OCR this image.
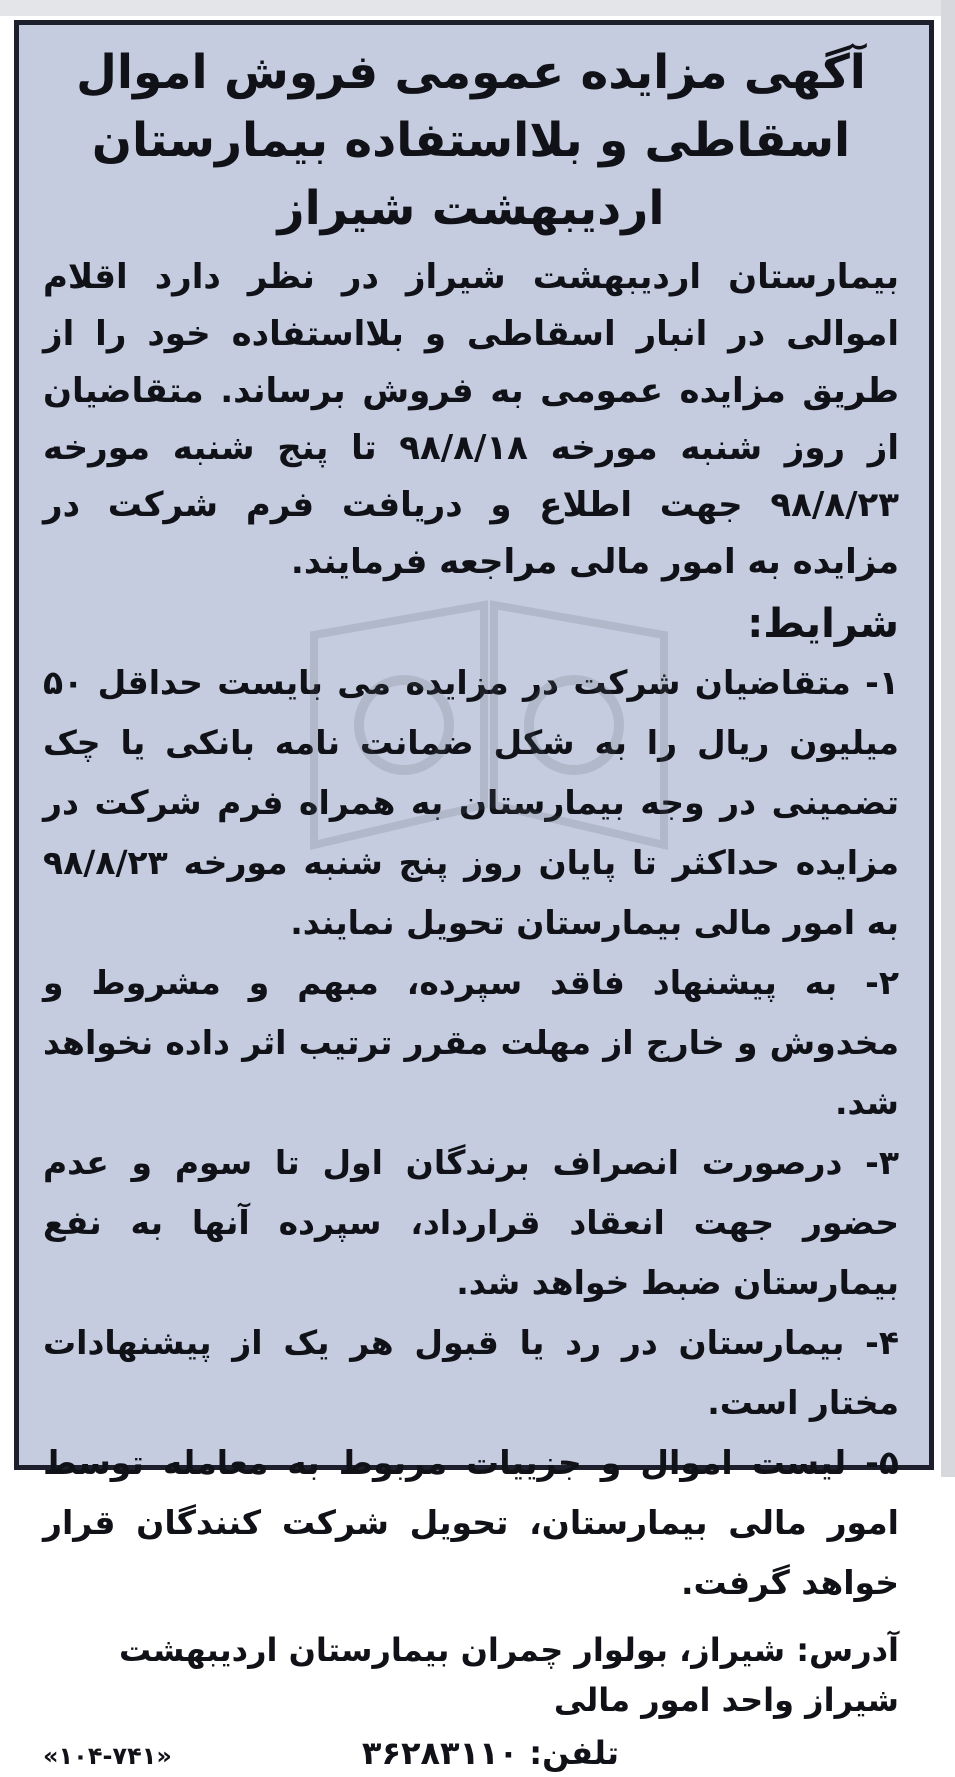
آگهی مزایده عمومی فروش اموال اسقاطی و بلااستفاده بیمارستان اردیبهشت شیراز

بیمارستان اردیبهشت شیراز در نظر دارد اقلام اموالی در انبار اسقاطی و بلااستفاده خود را از طریق مزایده عمومی به فروش برساند. متقاضیان از روز شنبه مورخه ۹۸/۸/۱۸ تا پنج شنبه مورخه ۹۸/۸/۲۳ جهت اطلاع و دریافت فرم شرکت در مزایده به امور مالی مراجعه فرمایند.

شرایط:
۱- متقاضیان شرکت در مزایده می بایست حداقل ۵۰ میلیون ریال را به شکل ضمانت نامه بانکی یا چک تضمینی در وجه بیمارستان به همراه فرم شرکت در مزایده حداکثر تا پایان روز پنج شنبه مورخه ۹۸/۸/۲۳ به امور مالی بیمارستان تحویل نمایند.
۲- به پیشنهاد فاقد سپرده، مبهم و مشروط و مخدوش و خارج از مهلت مقرر ترتیب اثر داده نخواهد شد.
۳- درصورت انصراف برندگان اول تا سوم و عدم حضور جهت انعقاد قرارداد، سپرده آنها به نفع بیمارستان ضبط خواهد شد.
۴- بیمارستان در رد یا قبول هر یک از پیشنهادات مختار است.
۵- لیست اموال و جزییات مربوط به معامله توسط امور مالی بیمارستان، تحویل شرکت کنندگان قرار خواهد گرفت.

آدرس: شیراز، بولوار چمران بیمارستان اردیبهشت شیراز واحد امور مالی

تلفن: ۳۶۲۸۳۱۱۰
«۱۰۴-۷۴۱»
